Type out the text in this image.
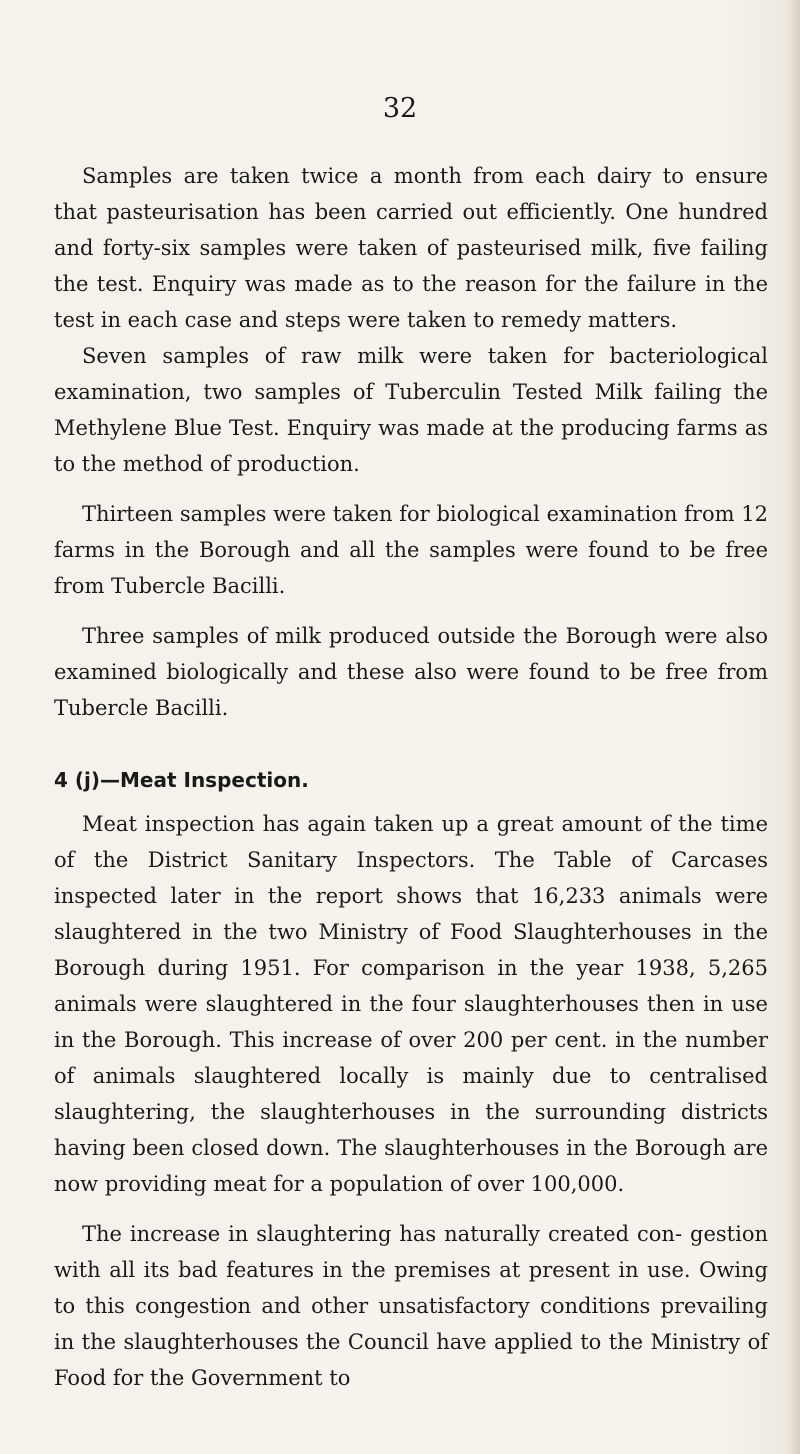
32

Samples are taken twice a month from each dairy to ensure that pasteurisation has been carried out efficiently. One hundred and forty-six samples were taken of pasteurised milk, five failing the test. Enquiry was made as to the reason for the failure in the test in each case and steps were taken to remedy matters.

Seven samples of raw milk were taken for bacteriological examination, two samples of Tuberculin Tested Milk failing the Methylene Blue Test. Enquiry was made at the producing farms as to the method of production.

Thirteen samples were taken for biological examination from 12 farms in the Borough and all the samples were found to be free from Tubercle Bacilli.

Three samples of milk produced outside the Borough were also examined biologically and these also were found to be free from Tubercle Bacilli.

4 (j)—Meat Inspection.

Meat inspection has again taken up a great amount of the time of the District Sanitary Inspectors. The Table of Carcases inspected later in the report shows that 16,233 animals were slaughtered in the two Ministry of Food Slaughterhouses in the Borough during 1951. For comparison in the year 1938, 5,265 animals were slaughtered in the four slaughterhouses then in use in the Borough. This increase of over 200 per cent. in the number of animals slaughtered locally is mainly due to centralised slaughtering, the slaughterhouses in the surrounding districts having been closed down. The slaughterhouses in the Borough are now providing meat for a population of over 100,000.

The increase in slaughtering has naturally created con- gestion with all its bad features in the premises at present in use. Owing to this congestion and other unsatisfactory conditions prevailing in the slaughterhouses the Council have applied to the Ministry of Food for the Government to
